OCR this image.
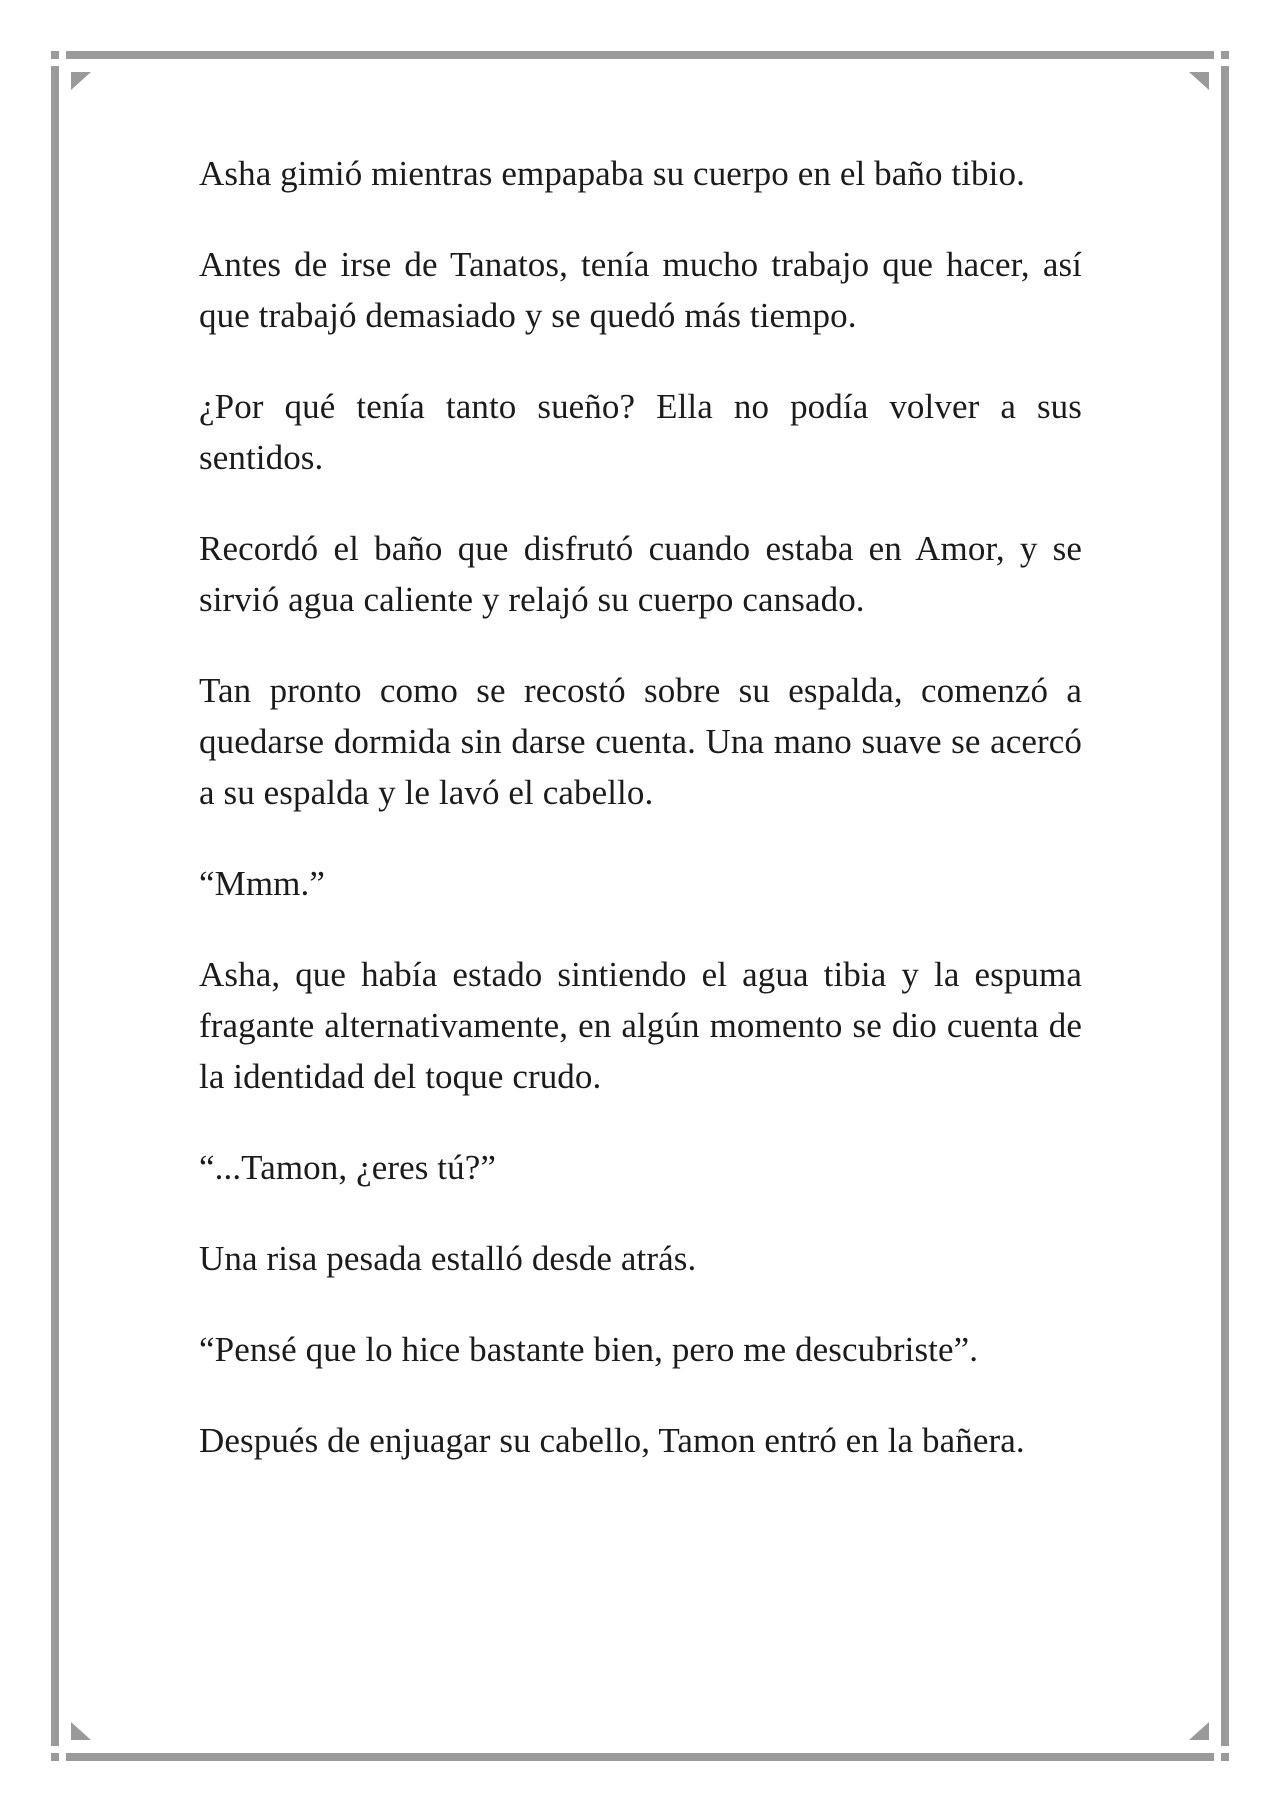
Asha gimió mientras empapaba su cuerpo en el baño tibio.

Antes de irse de Tanatos, tenía mucho trabajo que hacer, así que trabajó demasiado y se quedó más tiempo.

¿Por qué tenía tanto sueño? Ella no podía volver a sus sentidos.

Recordó el baño que disfrutó cuando estaba en Amor, y se sirvió agua caliente y relajó su cuerpo cansado.

Tan pronto como se recostó sobre su espalda, comenzó a quedarse dormida sin darse cuenta. Una mano suave se acercó a su espalda y le lavó el cabello.

“Mmm.”

Asha, que había estado sintiendo el agua tibia y la espuma fragante alternativamente, en algún momento se dio cuenta de la identidad del toque crudo.

“...Tamon, ¿eres tú?”

Una risa pesada estalló desde atrás.

“Pensé que lo hice bastante bien, pero me descubriste”.

Después de enjuagar su cabello, Tamon entró en la bañera.
